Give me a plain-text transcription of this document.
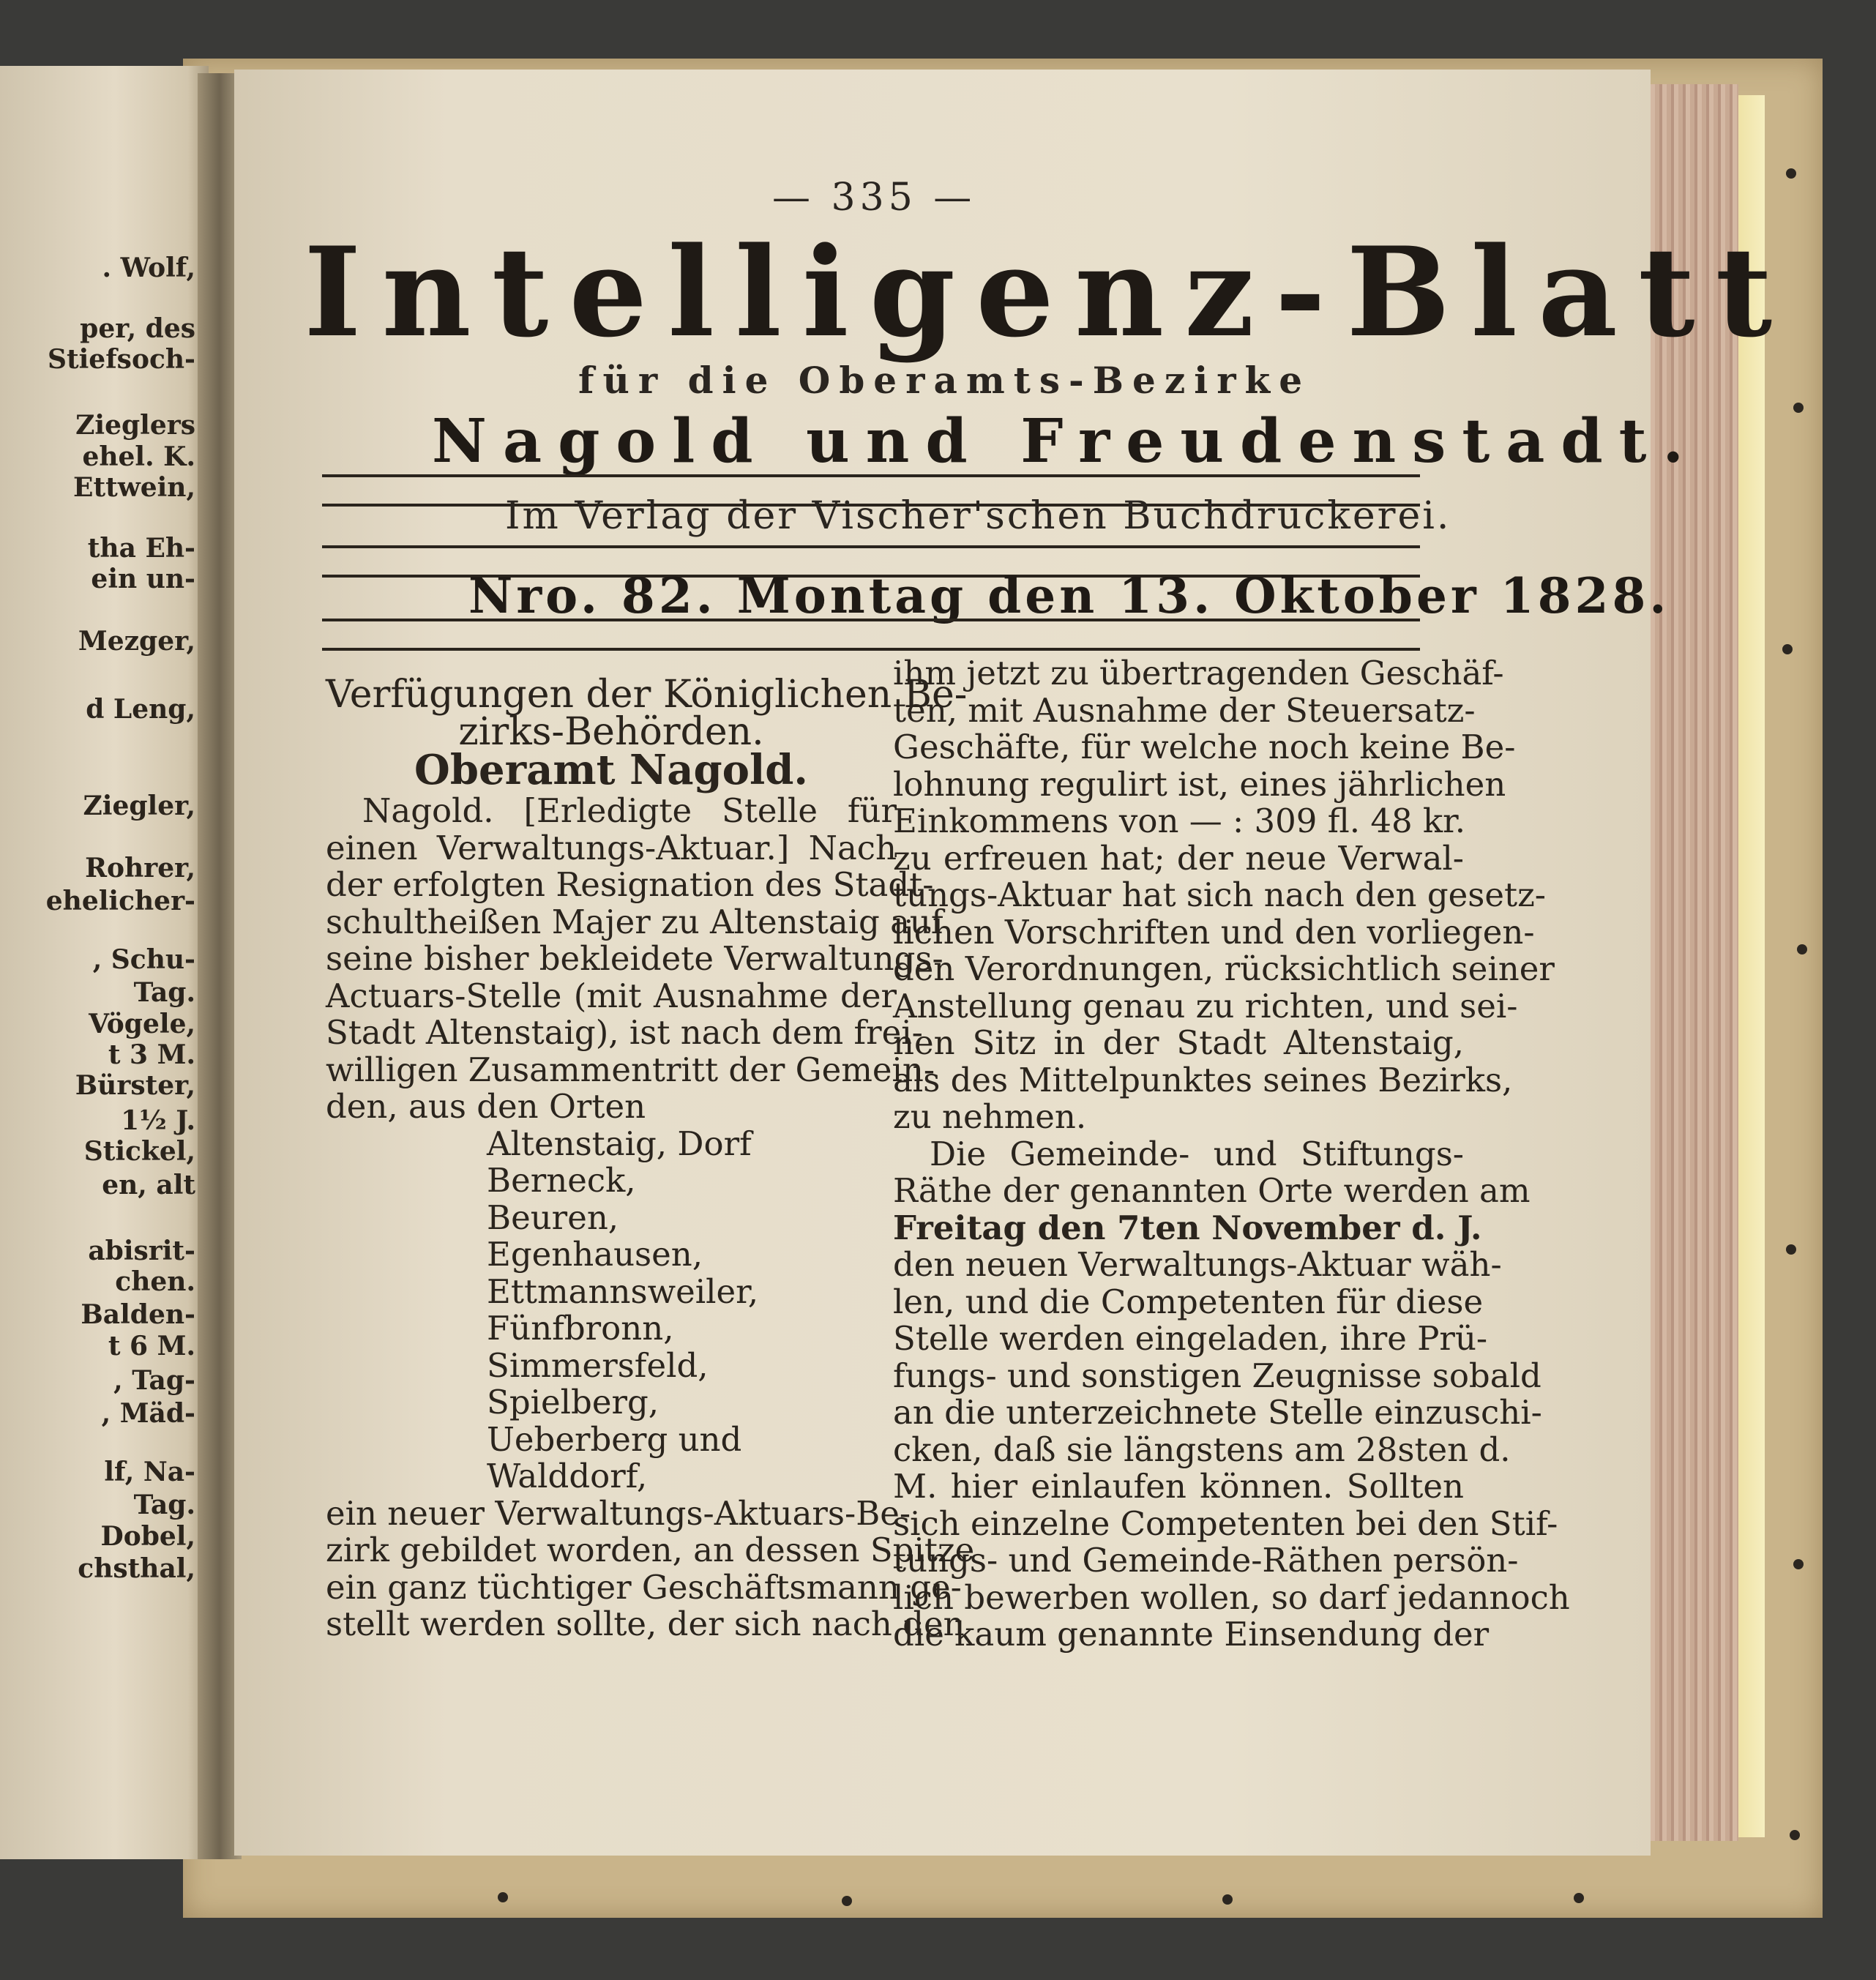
. Wolf,
per, des
Stiefsoch-
Zieglers
ehel. K.
Ettwein,
tha Eh-
ein un-
Mezger,
d Leng,
Ziegler,
Rohrer,
ehelicher-
, Schu-
Tag.
Vögele,
t 3 M.
Bürster,
1½ J.
Stickel,
en, alt
abisrit-
chen.
Balden-
t 6 M.
, Tag-
, Mäd-
lf, Na-
Tag.
Dobel,
chsthal,
— 335 —
Intelligenz-Blatt
für die Oberamts-Bezirke
Nagold und Freudenstadt.
Im Verlag der Vischer'schen Buchdruckerei.
Nro. 82. Montag den 13. Oktober 1828.
Verfügungen der Königlichen Be-
zirks-Behörden.
Oberamt Nagold.
Nagold. [Erledigte Stelle für
einen Verwaltungs-Aktuar.] Nach
der erfolgten Resignation des Stadt-
schultheißen Majer zu Altenstaig auf
seine bisher bekleidete Verwaltungs-
Actuars-Stelle (mit Ausnahme der
Stadt Altenstaig), ist nach dem frei-
willigen Zusammentritt der Gemein-
den, aus den Orten
Altenstaig, Dorf
Berneck,
Beuren,
Egenhausen,
Ettmannsweiler,
Fünfbronn,
Simmersfeld,
Spielberg,
Ueberberg und
Walddorf,
ein neuer Verwaltungs-Aktuars-Be-
zirk gebildet worden, an dessen Spitze
ein ganz tüchtiger Geschäftsmann ge-
stellt werden sollte, der sich nach den
ihm jetzt zu übertragenden Geschäf-
ten, mit Ausnahme der Steuersatz-
Geschäfte, für welche noch keine Be-
lohnung regulirt ist, eines jährlichen
Einkommens von — : 309 fl. 48 kr.
zu erfreuen hat; der neue Verwal-
tungs-Aktuar hat sich nach den gesetz-
lichen Vorschriften und den vorliegen-
den Verordnungen, rücksichtlich seiner
Anstellung genau zu richten, und sei-
nen Sitz in der Stadt Altenstaig,
als des Mittelpunktes seines Bezirks,
zu nehmen.
Die Gemeinde- und Stiftungs-
Räthe der genannten Orte werden am
Freitag den 7ten November d. J.
den neuen Verwaltungs-Aktuar wäh-
len, und die Competenten für diese
Stelle werden eingeladen, ihre Prü-
fungs- und sonstigen Zeugnisse sobald
an die unterzeichnete Stelle einzuschi-
cken, daß sie längstens am 28sten d.
M. hier einlaufen können. Sollten
sich einzelne Competenten bei den Stif-
tungs- und Gemeinde-Räthen persön-
lich bewerben wollen, so darf jedannoch
die kaum genannte Einsendung der
